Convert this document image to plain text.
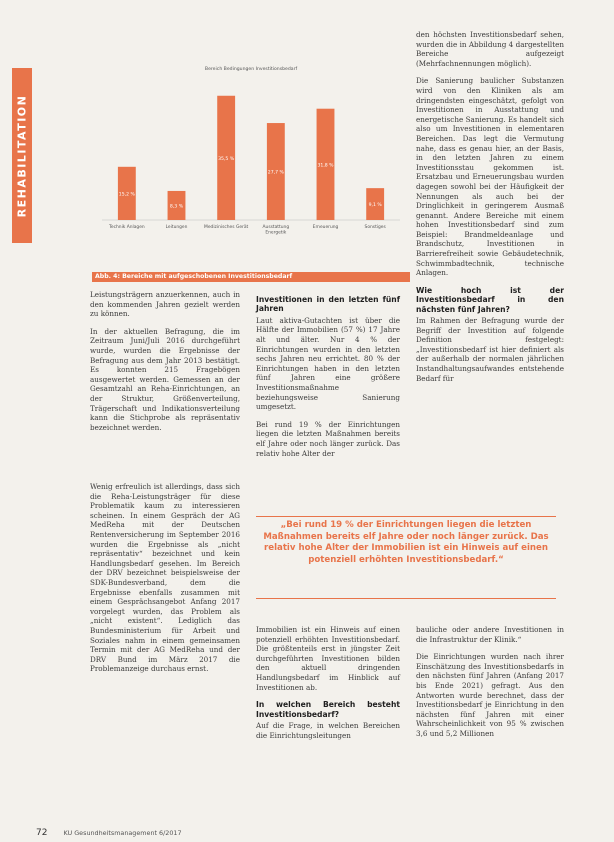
REHABILITATION
Bereich Bedingungen Investitionsbedarf
15,2 %
Technik Anlagen
8,3 %
Leitungen
35,5 %
Medizinisches Gerät
27,7 %
Ausstattung
Energetik
31,8 %
Erneuerung
9,1 %
Sonstiges
Abb. 4: Bereiche mit aufgeschobenen Investitionsbedarf

Leistungsträgern anzuerkennen, auch in den kommenden Jahren gezielt werden zu können.

In der aktuellen Befragung, die im Zeitraum Juni/Juli 2016 durchgeführt wurde, wurden die Ergebnisse der Befragung aus dem Jahr 2013 bestätigt. Es konnten 215 Fragebögen ausgewertet werden. Gemessen an der Gesamtzahl an Reha-Einrichtungen, an der Struktur, Größenverteilung, Trägerschaft und Indikationsverteilung kann die Stichprobe als repräsentativ bezeichnet werden.

Wenig erfreulich ist allerdings, dass sich die Reha-Leistungsträger für diese Problematik kaum zu interessieren scheinen. In einem Gespräch der AG MedReha mit der Deutschen Rentenversicherung im September 2016 wurden die Ergebnisse als „nicht repräsentativ“ bezeichnet und kein Handlungsbedarf gesehen. Im Bereich der DRV bezeichnet beispielsweise der SDK-Bundesverband, dem die Ergebnisse ebenfalls zusammen mit einem Gesprächsangebot Anfang 2017 vorgelegt wurden, das Problem als „nicht existent“. Lediglich das Bundesministerium für Arbeit und Soziales nahm in einem gemeinsamen Termin mit der AG MedReha und der DRV Bund im März 2017 die Problemanzeige durchaus ernst.

Investitionen in den letzten fünf Jahren

Laut aktiva-Gutachten ist über die Hälfte der Immobilien (57 %) 17 Jahre alt und älter. Nur 4 % der Einrichtungen wurden in den letzten sechs Jahren neu errichtet. 80 % der Einrichtungen haben in den letzten fünf Jahren eine größere Investitionsmaßnahme beziehungsweise Sanierung umgesetzt.

Bei rund 19 % der Einrichtungen liegen die letzten Maßnahmen bereits elf Jahre oder noch länger zurück. Das relativ hohe Alter der

Immobilien ist ein Hinweis auf einen potenziell erhöhten Investitionsbedarf. Die größtenteils erst in jüngster Zeit durchgeführten Investitionen bilden den aktuell dringenden Handlungsbedarf im Hinblick auf Investitionen ab.

In welchen Bereich besteht Investitionsbedarf?

Auf die Frage, in welchen Bereichen die Einrichtungsleitungen

den höchsten Investitionsbedarf sehen, wurden die in Abbildung 4 dargestellten Bereiche aufgezeigt (Mehrfachnennungen möglich).

Die Sanierung baulicher Substanzen wird von den Kliniken als am dringendsten eingeschätzt, gefolgt von Investitionen in Ausstattung und energetische Sanierung. Es handelt sich also um Investitionen in elementaren Bereichen. Das legt die Vermutung nahe, dass es genau hier, an der Basis, in den letzten Jahren zu einem Investitionsstau gekommen ist. Ersatzbau und Erneuerungsbau wurden dagegen sowohl bei der Häufigkeit der Nennungen als auch bei der Dringlichkeit in geringerem Ausmaß genannt. Andere Bereiche mit einem hohen Investitionsbedarf sind zum Beispiel: Brandmeldeanlage und Brandschutz, Investitionen in Barrierefreiheit sowie Gebäudetechnik, Schwimmbadtechnik, technische Anlagen.

Wie hoch ist der Investitionsbedarf in den nächsten fünf Jahren?

Im Rahmen der Befragung wurde der Begriff der Investition auf folgende Definition festgelegt: „Investitionsbedarf ist hier definiert als der außerhalb der normalen jährlichen Instandhaltungsaufwandes entstehende Bedarf für

bauliche oder andere Investitionen in die Infrastruktur der Klinik.“

Die Einrichtungen wurden nach ihrer Einschätzung des Investitionsbedarfs in den nächsten fünf Jahren (Anfang 2017 bis Ende 2021) gefragt. Aus den Antworten wurde berechnet, dass der Investitionsbedarf je Einrichtung in den nächsten fünf Jahren mit einer Wahrscheinlichkeit von 95 % zwischen 3,6 und 5,2 Millionen

„Bei rund 19 % der Einrichtungen liegen die letzten Maßnahmen bereits elf Jahre oder noch länger zurück. Das relativ hohe Alter der Immobilien ist ein Hinweis auf einen potenziell erhöhten Investitionsbedarf.“
72	KU Gesundheitsmanagement 6/2017
